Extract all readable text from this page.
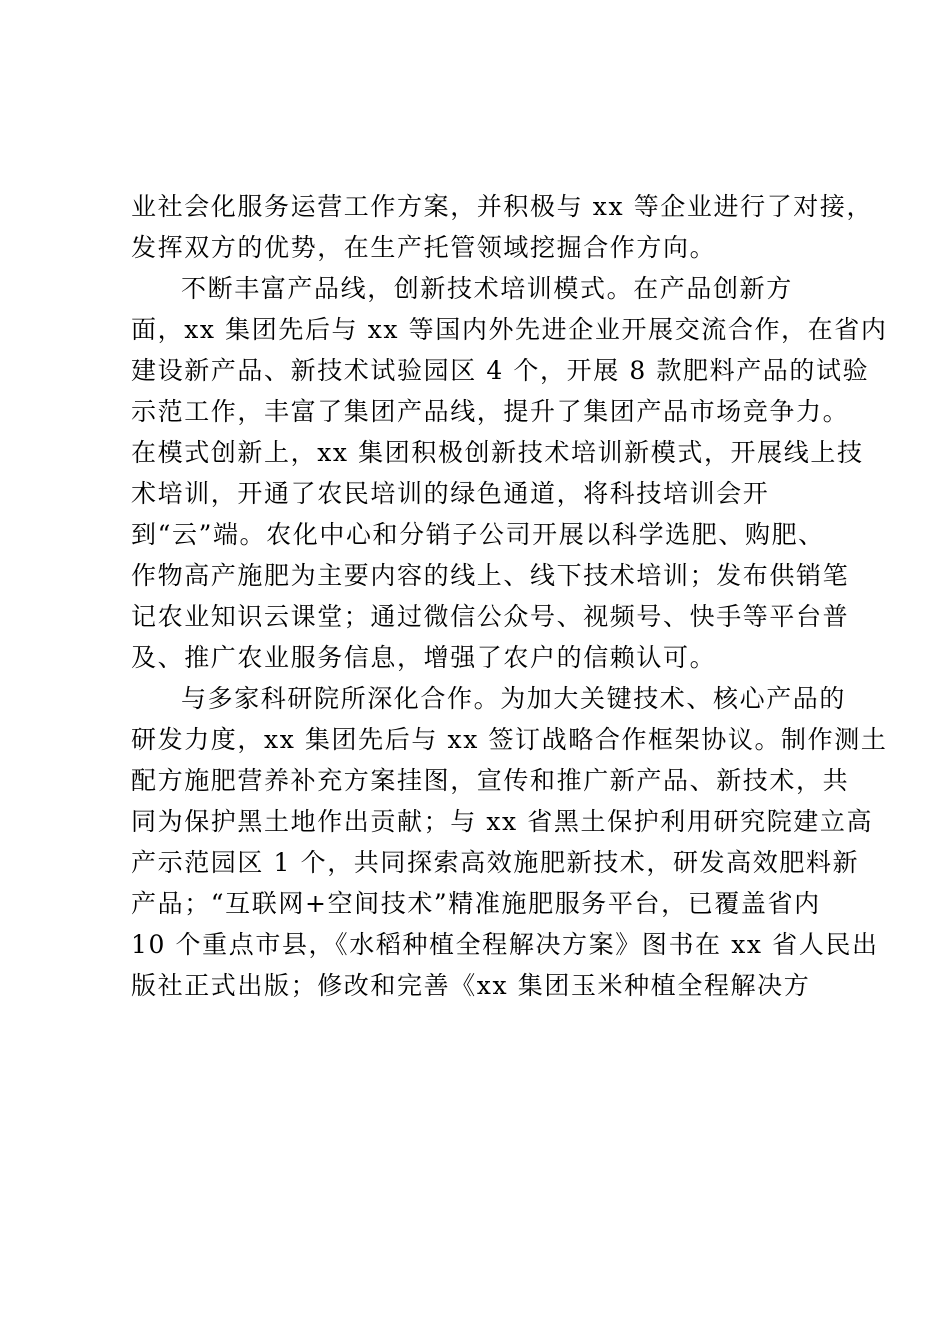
业社会化服务运营工作方案，并积极与 xx 等企业进行了对接，
发挥双方的优势，在生产托管领域挖掘合作方向。
不断丰富产品线，创新技术培训模式。在产品创新方
面，xx 集团先后与 xx 等国内外先进企业开展交流合作，在省内
建设新产品、新技术试验园区 4 个，开展 8 款肥料产品的试验
示范工作，丰富了集团产品线，提升了集团产品市场竞争力。
在模式创新上，xx 集团积极创新技术培训新模式，开展线上技
术培训，开通了农民培训的绿色通道，将科技培训会开
到“云”端。农化中心和分销子公司开展以科学选肥、购肥、
作物高产施肥为主要内容的线上、线下技术培训；发布供销笔
记农业知识云课堂；通过微信公众号、视频号、快手等平台普
及、推广农业服务信息，增强了农户的信赖认可。
与多家科研院所深化合作。为加大关键技术、核心产品的
研发力度，xx 集团先后与 xx 签订战略合作框架协议。制作测土
配方施肥营养补充方案挂图，宣传和推广新产品、新技术，共
同为保护黑土地作出贡献；与 xx 省黑土保护利用研究院建立高
产示范园区 1 个，共同探索高效施肥新技术，研发高效肥料新
产品；“互联网+空间技术”精准施肥服务平台，已覆盖省内
10 个重点市县，《水稻种植全程解决方案》图书在 xx 省人民出
版社正式出版；修改和完善《xx 集团玉米种植全程解决方
